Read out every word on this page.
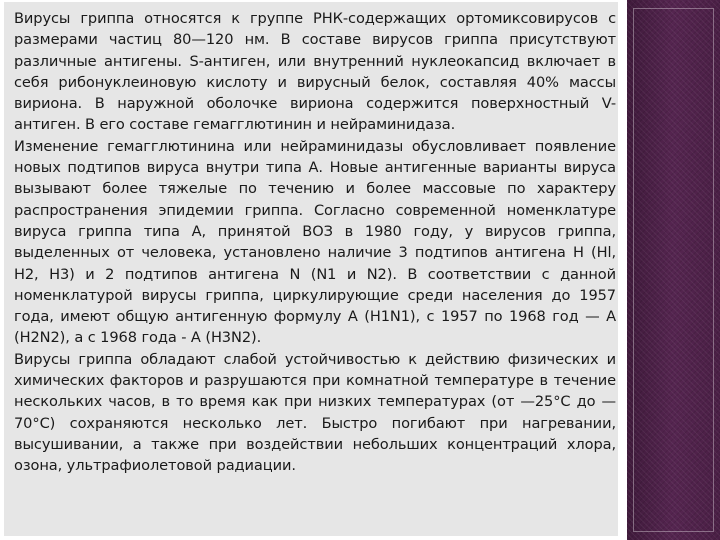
Вирусы гриппа относятся к группе РНК-содержащих ортомиксовирусов с размерами частиц 80—120 нм. В составе вирусов гриппа присутствуют различные антигены. S-антиген, или внутренний нуклеокапсид включает в себя рибонуклеиновую кислоту и вирусный белок, составляя 40% массы вириона. В наружной оболочке вириона содержится поверхностный V-антиген. В его составе гемагглютинин и нейраминидаза.

Изменение гемагглютинина или нейраминидазы обусловливает появление новых подтипов вируса внутри типа А. Новые антигенные варианты вируса вызывают более тяжелые по течению и более массовые по характеру распространения эпидемии гриппа. Согласно современной номенклатуре вируса гриппа типа А, принятой ВОЗ в 1980 году, у вирусов гриппа, выделенных от человека, установлено наличие 3 подтипов антигена Н (Hl, Н2, Н3) и 2 подтипов антигена N (N1 и N2). В соответствии с данной номенклатурой вирусы гриппа, циркулирующие среди населения до 1957 года, имеют общую антигенную формулу А (H1N1), с 1957 по 1968 год — А (H2N2), а с 1968 года - А (H3N2).

Вирусы гриппа обладают слабой устойчивостью к действию физических и химических факторов и разрушаются при комнатной температуре в течение нескольких часов, в то время как при низких температурах (от —25°С до —70°С) сохраняются несколько лет. Быстро погибают при нагревании, высушивании, а также при воздействии небольших концентраций хлора, озона, ультрафиолетовой радиации.
